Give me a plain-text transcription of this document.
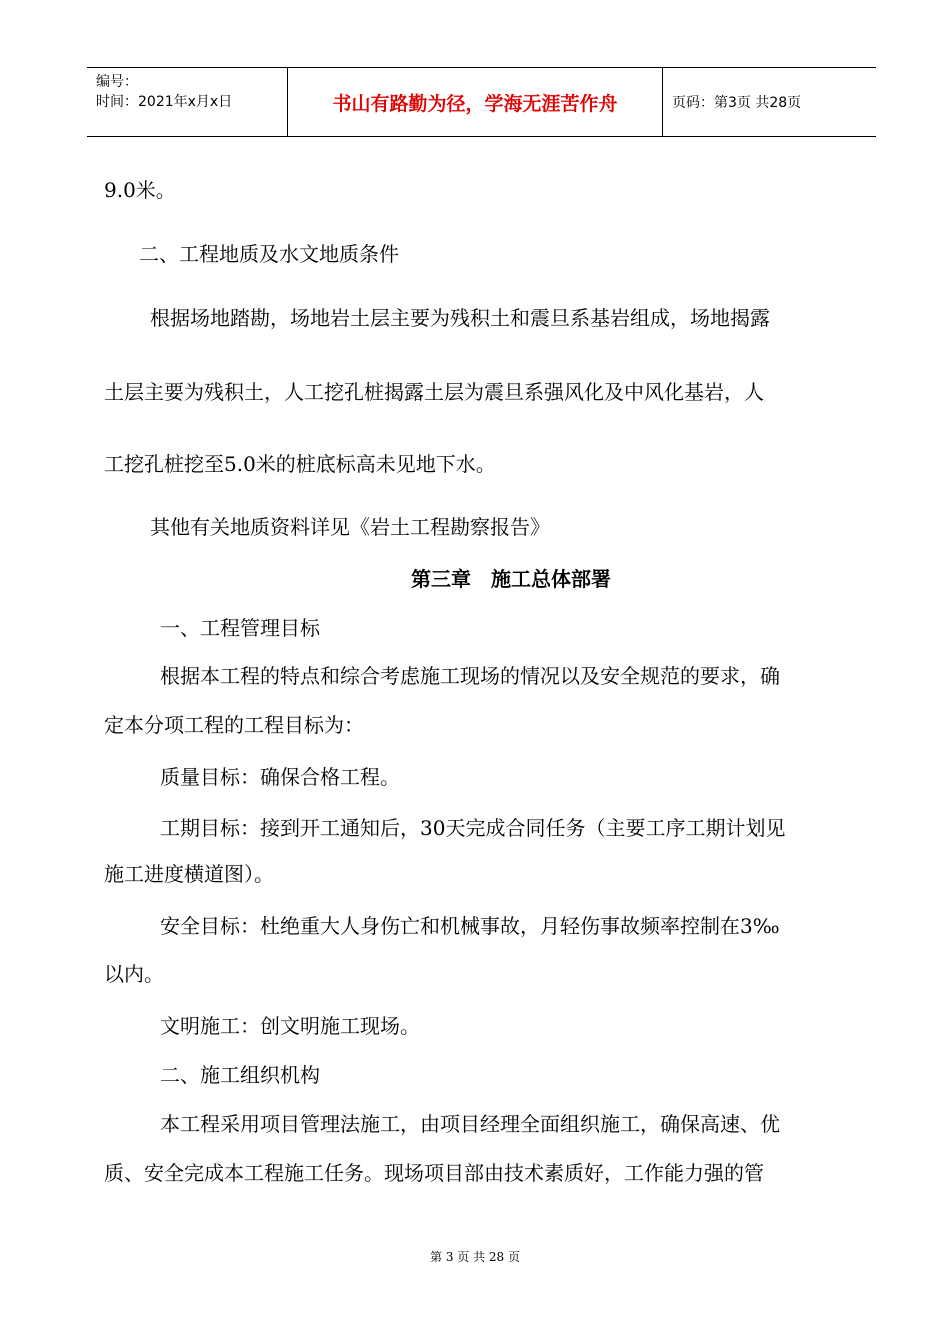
编号：
时间：2021年x月x日	书山有路勤为径，学海无涯苦作舟	页码：第3页 共28页
9.0米。
二、工程地质及水文地质条件
根据场地踏勘，场地岩土层主要为残积土和震旦系基岩组成，场地揭露
土层主要为残积土，人工挖孔桩揭露土层为震旦系强风化及中风化基岩，人
工挖孔桩挖至5.0米的桩底标高未见地下水。
其他有关地质资料详见《岩土工程勘察报告》
第三章　施工总体部署
一、工程管理目标
根据本工程的特点和综合考虑施工现场的情况以及安全规范的要求，确
定本分项工程的工程目标为：
质量目标：确保合格工程。
工期目标：接到开工通知后，30天完成合同任务（主要工序工期计划见
施工进度横道图）。
安全目标：杜绝重大人身伤亡和机械事故，月轻伤事故频率控制在3‰
以内。
文明施工：创文明施工现场。
二、施工组织机构
本工程采用项目管理法施工，由项目经理全面组织施工，确保高速、优
质、安全完成本工程施工任务。现场项目部由技术素质好，工作能力强的管
第 3 页 共 28 页
